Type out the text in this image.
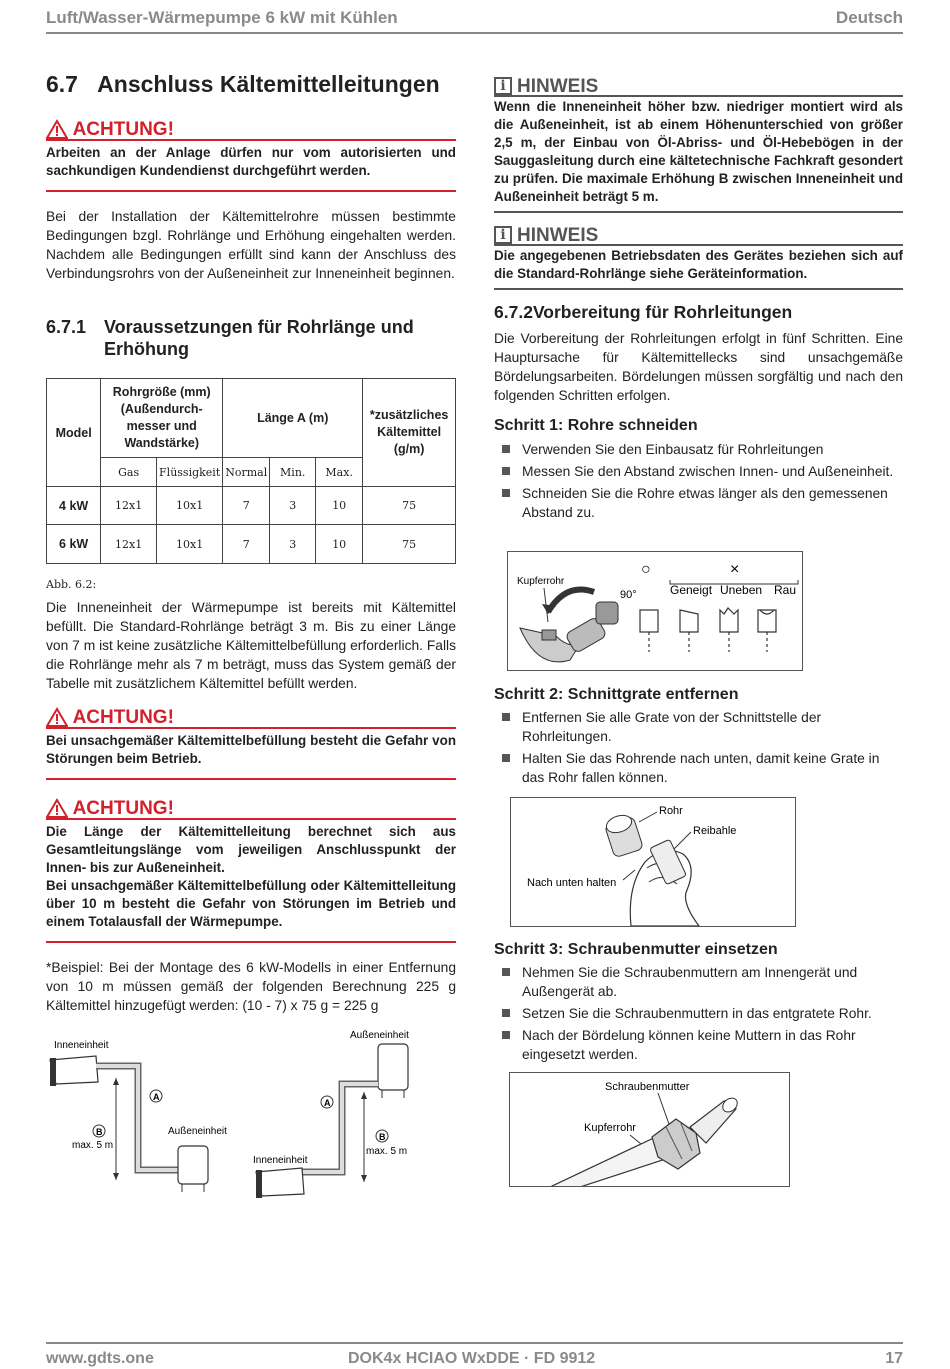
Luft/Wasser-Wärmepumpe 6 kW mit Kühlen	Deutsch
6.7 Anschluss Kältemittelleitungen
ACHTUNG!
Arbeiten an der Anlage dürfen nur vom autorisierten und sachkundigen Kundendienst durchgeführt werden.
Bei der Installation der Kältemittelrohre müssen bestimmte Bedingungen bzgl. Rohrlänge und Erhöhung eingehalten werden. Nachdem alle Bedingungen erfüllt sind kann der Anschluss des Verbindungsrohrs von der Außeneinheit zur Inneneinheit beginnen.
6.7.1 Voraussetzungen für Rohrlänge und Erhöhung
Model	Rohrgröße (mm) (Außendurch-messer und Wandstärke)		Länge A (m)			*zusätzliches Kältemittel (g/m)
	Gas	Flüssigkeit	Normal	Min.	Max.	
4 kW	12x1	10x1	7	3	10	75
6 kW	12x1	10x1	7	3	10	75
Abb. 6.2:
Die Inneneinheit der Wärmepumpe ist bereits mit Kältemittel befüllt. Die Standard-Rohrlänge beträgt 3 m. Bis zu einer Länge von 7 m ist keine zusätzliche Kältemittelbefüllung erforderlich. Falls die Rohrlänge mehr als 7 m beträgt, muss das System gemäß der Tabelle mit zusätzlichem Kältemittel befüllt werden.
ACHTUNG!
Bei unsachgemäßer Kältemittelbefüllung besteht die Gefahr von Störungen beim Betrieb.
ACHTUNG!
Die Länge der Kältemittelleitung berechnet sich aus Gesamtleitungslänge vom jeweiligen Anschlusspunkt der Innen- bis zur Außeneinheit.
Bei unsachgemäßer Kältemittelbefüllung oder Kältemittelleitung über 10 m besteht die Gefahr von Störungen im Betrieb und einem Totalausfall der Wärmepumpe.
*Beispiel: Bei der Montage des 6 kW-Modells in einer Entfernung von 10 m müssen gemäß der folgenden Berechnung 225 g Kältemittel hinzugefügt werden: (10 - 7) x 75 g = 225 g
Inneneinheit
B
max. 5 m
A
Außeneinheit
Außeneinheit
A
B
max. 5 m
Inneneinheit
i HINWEIS
Wenn die Inneneinheit höher bzw. niedriger montiert wird als die Außeneinheit, ist ab einem Höhenunterschied von größer 2,5 m, der Einbau von Öl-Abriss- und Öl-Hebebögen in der Sauggasleitung durch eine kältetechnische Fachkraft gesondert zu prüfen. Die maximale Erhöhung B zwischen Inneneinheit und Außeneinheit beträgt 5 m.
i HINWEIS
Die angegebenen Betriebsdaten des Gerätes beziehen sich auf die Standard-Rohrlänge siehe Geräteinformation.
6.7.2Vorbereitung für Rohrleitungen
Die Vorbereitung der Rohrleitungen erfolgt in fünf Schritten. Eine Hauptursache für Kältemittellecks sind unsachgemäße Bördelungsarbeiten. Bördelungen müssen sorgfältig und nach den folgenden Schritten erfolgen.
Schritt 1: Rohre schneiden
Verwenden Sie den Einbausatz für Rohrleitungen
Messen Sie den Abstand zwischen Innen- und Außeneinheit.
Schneiden Sie die Rohre etwas länger als den gemessenen Abstand zu.
Kupferrohr
90°
○	×
Geneigt Uneben Rau
Schritt 2: Schnittgrate entfernen
Entfernen Sie alle Grate von der Schnittstelle der Rohrleitungen.
Halten Sie das Rohrende nach unten, damit keine Grate in das Rohr fallen können.
Rohr
Reibahle
Nach unten halten
Schritt 3: Schraubenmutter einsetzen
Nehmen Sie die Schraubenmuttern am Innengerät und Außengerät ab.
Setzen Sie die Schraubenmuttern in das entgratete Rohr.
Nach der Bördelung können keine Muttern in das Rohr eingesetzt werden.
Schraubenmutter
Kupferrohr
www.gdts.one	DOK4x HCIAO WxDDE · FD 9912	17
